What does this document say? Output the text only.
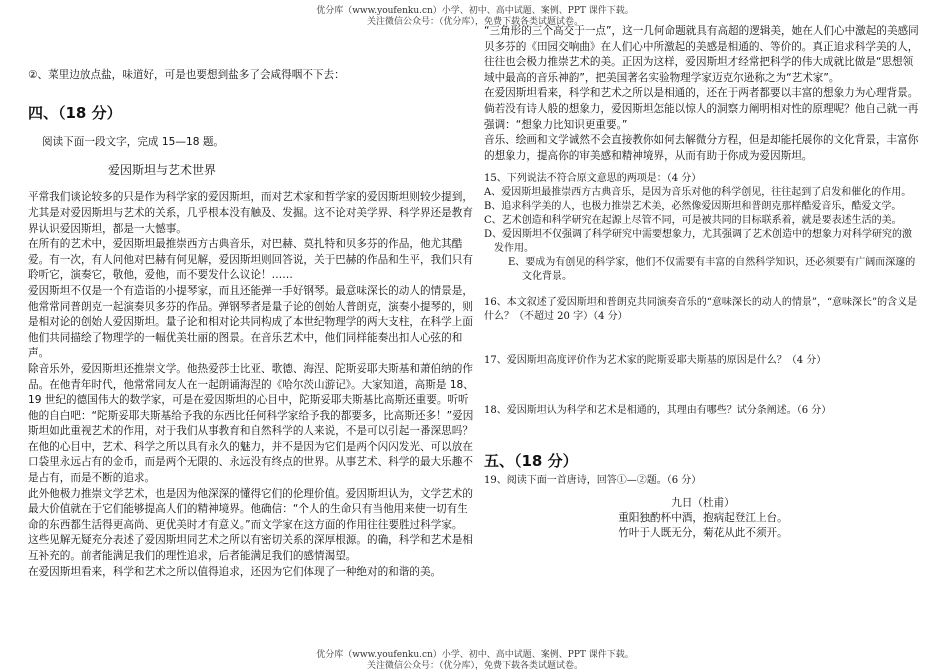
优分库（www.youfenku.cn）小学、初中、高中试题、案例、PPT 课件下载。
关注微信公众号：（优分库），免费下载各类试题试卷。

②、菜里边放点盐，味道好，可是也要想到盐多了会咸得咽不下去：

四、（18 分）

阅读下面一段文字，完成 15—18 题。

爱因斯坦与艺术世界

平常我们谈论较多的只是作为科学家的爱因斯坦，而对艺术家和哲学家的爱因斯坦则较少提到，尤其是对爱因斯坦与艺术的关系，几乎根本没有触及、发掘。这不论对美学界、科学界还是教育界认识爱因斯坦，都是一大憾事。

在所有的艺术中，爱因斯坦最推崇西方古典音乐，对巴赫、莫扎特和贝多芬的作品，他尤其酷爱。有一次，有人问他对巴赫有何见解，爱因斯坦则回答说，关于巴赫的作品和生平，我们只有聆听它，演奏它，敬他，爱他，而不要发什么议论！……

爱因斯坦不仅是一个有造诣的小提琴家，而且还能弹一手好钢琴。最意味深长的动人的情景是，他常常同普朗克一起演奏贝多芬的作品。弹钢琴者是量子论的创始人普朗克，演奏小提琴的，则是相对论的创始人爱因斯坦。量子论和相对论共同构成了本世纪物理学的两大支柱，在科学上面他们共同描绘了物理学的一幅优美壮丽的图景。在音乐艺术中，他们同样能奏出扣人心弦的和声。

除音乐外，爱因斯坦还推崇文学。他热爱莎士比亚、歌德、海涅、陀斯妥耶夫斯基和萧伯纳的作品。在他青年时代，他常常同友人在一起朗诵海涅的《哈尔茨山游记》。大家知道，高斯是 18、19 世纪的德国伟大的数学家，可是在爱因斯坦的心目中，陀斯妥耶夫斯基比高斯还重要。听听他的自白吧：“陀斯妥耶夫斯基给予我的东西比任何科学家给予我的都要多，比高斯还多！”爱因斯坦如此重视艺术的作用，对于我们从事教育和自然科学的人来说，不是可以引起一番深思吗？

在他的心目中，艺术、科学之所以具有永久的魅力，并不是因为它们是两个闪闪发光、可以放在口袋里永远占有的金币，而是两个无限的、永远没有终点的世界。从事艺术、科学的最大乐趣不是占有，而是不断的追求。

此外他极力推崇文学艺术，也是因为他深深的懂得它们的伦理价值。爱因斯坦认为，文学艺术的最大价值就在于它们能够提高人们的精神境界。他确信：“个人的生命只有当他用来使一切有生命的东西都生活得更高尚、更优美时才有意义。”而文学家在这方面的作用往往要胜过科学家。

这些见解无疑充分表述了爱因斯坦同艺术之所以有密切关系的深厚根源。的确，科学和艺术是相互补充的。前者能满足我们的理性追求，后者能满足我们的感情渴望。

在爱因斯坦看来，科学和艺术之所以值得追求，还因为它们体现了一种绝对的和谐的美。

“三角形的三个高交于一点”，这一几何命题就具有高超的逻辑美，她在人们心中激起的美感同贝多芬的《田园交响曲》在人们心中所激起的美感是相通的、等价的。真正追求科学美的人，往往也会极力推崇艺术的美。正因为这样，爱因斯坦才经常把科学的伟大成就比做是“思想领域中最高的音乐神韵”，把美国著名实验物理学家迈克尔逊称之为“艺术家”。

在爱因斯坦看来，科学和艺术之所以是相通的，还在于两者都要以丰富的想象力为心理背景。倘若没有诗人般的想象力，爱因斯坦怎能以惊人的洞察力阐明相对性的原理呢？他自己就一再强调：“想象力比知识更重要。”

音乐、绘画和文学诚然不会直接教你如何去解微分方程，但是却能托展你的文化背景，丰富你的想象力，提高你的审美感和精神境界，从而有助于你成为爱因斯坦。

15、下列说法不符合原文意思的两项是：（4 分）

A、爱因斯坦最推崇西方古典音乐，是因为音乐对他的科学创见，往往起到了启发和催化的作用。

B、追求科学美的人，也极力推崇艺术美，必然像爱因斯坦和普朗克那样酷爱音乐，酷爱文学。

C、艺术创造和科学研究在起源上尽管不同，可是被共同的目标联系着，就是要表述生活的美。

D、爱因斯坦不仅强调了科学研究中需要想象力，尤其强调了艺术创造中的想象力对科学研究的激发作用。

E、要成为有创见的科学家，他们不仅需要有丰富的自然科学知识，还必须要有广阔而深邃的文化背景。

16、本文叙述了爱因斯坦和普朗克共同演奏音乐的“意味深长的动人的情景”，“意味深长”的含义是什么？（不超过 20 字）（4 分）

17、爱因斯坦高度评价作为艺术家的陀斯妥耶夫斯基的原因是什么？（4 分）

18、爱因斯坦认为科学和艺术是相通的，其理由有哪些？试分条阐述。（6 分）

五、（18 分）

19、阅读下面一首唐诗，回答①—②题。（6 分）

九日（杜甫）

重阳独酌杯中酒，抱病起登江上台。

竹叶于人既无分，菊花从此不须开。

优分库（www.youfenku.cn）小学、初中、高中试题、案例、PPT 课件下载。
关注微信公众号：（优分库），免费下载各类试题试卷。
